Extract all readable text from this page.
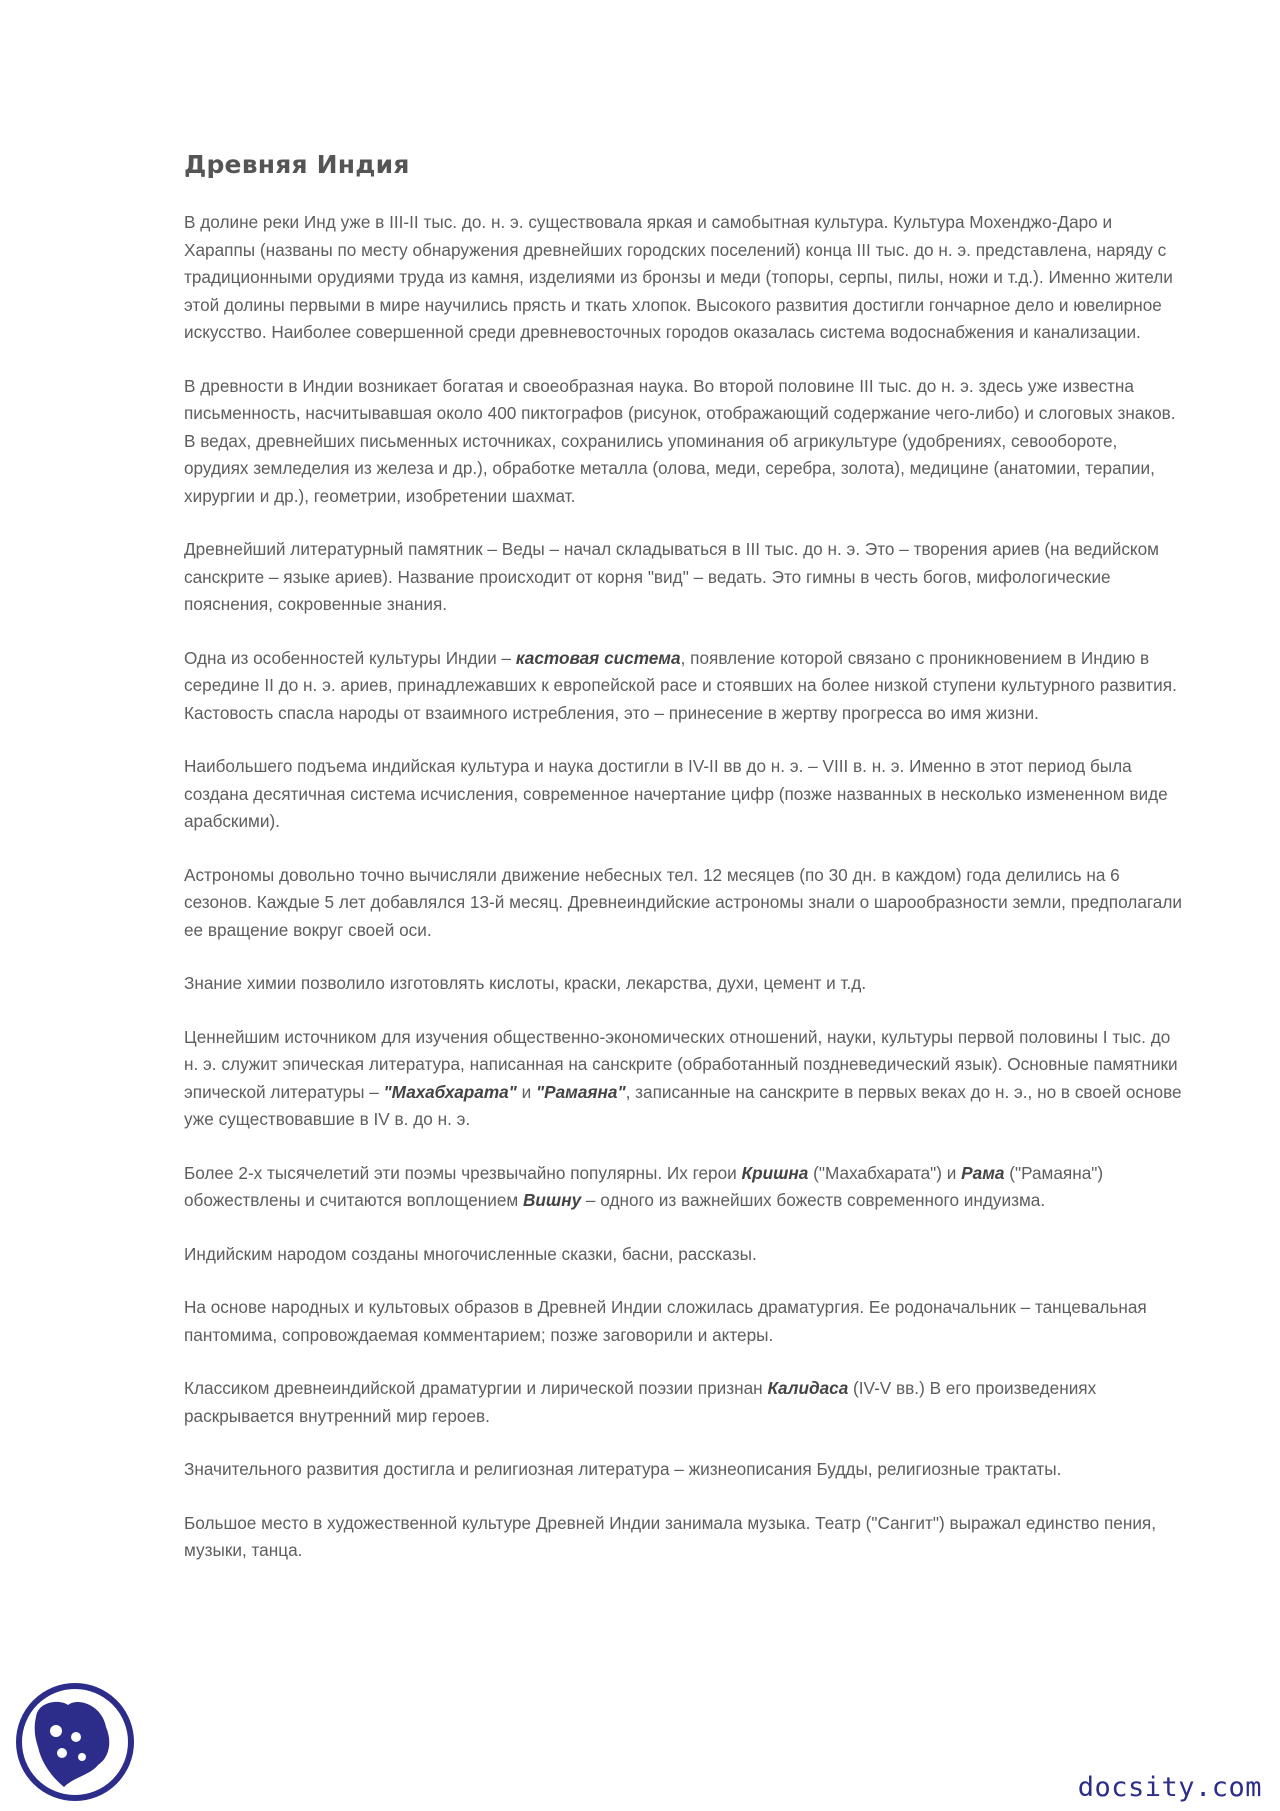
Древняя Индия

В долине реки Инд уже в III-II тыс. до. н. э. существовала яркая и самобытная культура. Культура Мохенджо-Даро и Хараппы (названы по месту обнаружения древнейших городских поселений) конца III тыс. до н. э. представлена, наряду с традиционными орудиями труда из камня, изделиями из бронзы и меди (топоры, серпы, пилы, ножи и т.д.). Именно жители этой долины первыми в мире научились прясть и ткать хлопок. Высокого развития достигли гончарное дело и ювелирное искусство. Наиболее совершенной среди древневосточных городов оказалась система водоснабжения и канализации.

В древности в Индии возникает богатая и своеобразная наука. Во второй половине III тыс. до н. э. здесь уже известна письменность, насчитывавшая около 400 пиктографов (рисунок, отображающий содержание чего-либо) и слоговых знаков. В ведах, древнейших письменных источниках, сохранились упоминания об агрикультуре (удобрениях, севообороте, орудиях земледелия из железа и др.), обработке металла (олова, меди, серебра, золота), медицине (анатомии, терапии, хирургии и др.), геометрии, изобретении шахмат.

Древнейший литературный памятник – Веды – начал складываться в III тыс. до н. э. Это – творения ариев (на ведийском санскрите – языке ариев). Название происходит от корня "вид" – ведать. Это гимны в честь богов, мифологические пояснения, сокровенные знания.

Одна из особенностей культуры Индии – кастовая система, появление которой связано с проникновением в Индию в середине II до н. э. ариев, принадлежавших к европейской расе и стоявших на более низкой ступени культурного развития. Кастовость спасла народы от взаимного истребления, это – принесение в жертву прогресса во имя жизни.

Наибольшего подъема индийская культура и наука достигли в IV-II вв до н. э. – VIII в. н. э. Именно в этот период была создана десятичная система исчисления, современное начертание цифр (позже названных в несколько измененном виде арабскими).

Астрономы довольно точно вычисляли движение небесных тел. 12 месяцев (по 30 дн. в каждом) года делились на 6 сезонов. Каждые 5 лет добавлялся 13-й месяц. Древнеиндийские астрономы знали о шарообразности земли, предполагали ее вращение вокруг своей оси.

Знание химии позволило изготовлять кислоты, краски, лекарства, духи, цемент и т.д.

Ценнейшим источником для изучения общественно-экономических отношений, науки, культуры первой половины I тыс. до н. э. служит эпическая литература, написанная на санскрите (обработанный поздневедический язык). Основные памятники эпической литературы – "Махабхарата" и "Рамаяна", записанные на санскрите в первых веках до н. э., но в своей основе уже существовавшие в IV в. до н. э.

Более 2-х тысячелетий эти поэмы чрезвычайно популярны. Их герои Кришна ("Махабхарата") и Рама ("Рамаяна") обожествлены и считаются воплощением Вишну – одного из важнейших божеств современного индуизма.

Индийским народом созданы многочисленные сказки, басни, рассказы.

На основе народных и культовых образов в Древней Индии сложилась драматургия. Ее родоначальник – танцевальная пантомима, сопровождаемая комментарием; позже заговорили и актеры.

Классиком древнеиндийской драматургии и лирической поэзии признан Калидаса (IV-V вв.) В его произведениях раскрывается внутренний мир героев.

Значительного развития достигла и религиозная литература – жизнеописания Будды, религиозные трактаты.

Большое место в художественной культуре Древней Индии занимала музыка. Театр ("Сангит") выражал единство пения, музыки, танца.

docsity.com
